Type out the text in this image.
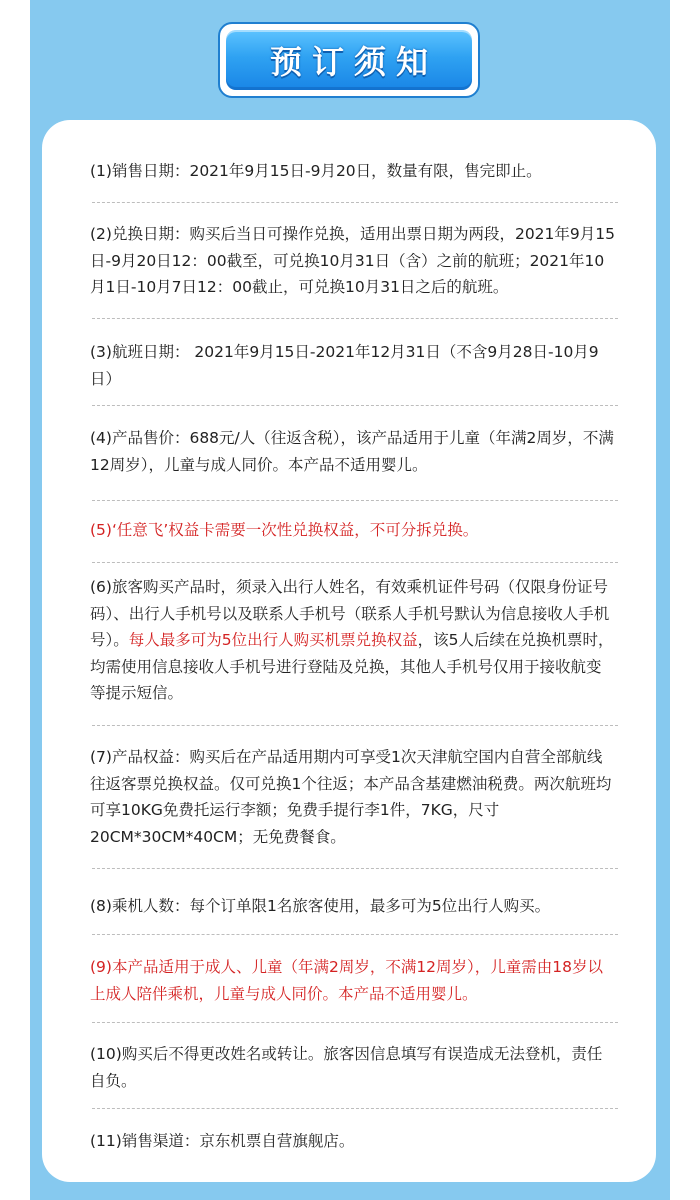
预订须知
(1)销售日期：2021年9月15日-9月20日，数量有限，售完即止。
(2)兑换日期：购买后当日可操作兑换，适用出票日期为两段，2021年9月15日-9月20日12：00截至，可兑换10月31日（含）之前的航班；2021年10月1日-10月7日12：00截止，可兑换10月31日之后的航班。
(3)航班日期： 2021年9月15日-2021年12月31日（不含9月28日-10月9日）
(4)产品售价：688元/人（往返含税），该产品适用于儿童（年满2周岁，不满12周岁），儿童与成人同价。本产品不适用婴儿。
(5)‘任意飞’权益卡需要一次性兑换权益，不可分拆兑换。
(6)旅客购买产品时，须录入出行人姓名，有效乘机证件号码（仅限身份证号码）、出行人手机号以及联系人手机号（联系人手机号默认为信息接收人手机号）。每人最多可为5位出行人购买机票兑换权益，该5人后续在兑换机票时，均需使用信息接收人手机号进行登陆及兑换，其他人手机号仅用于接收航变等提示短信。
(7)产品权益：购买后在产品适用期内可享受1次天津航空国内自营全部航线往返客票兑换权益。仅可兑换1个往返；本产品含基建燃油税费。两次航班均可享10KG免费托运行李额；免费手提行李1件，7KG，尺寸20CM*30CM*40CM；无免费餐食。
(8)乘机人数：每个订单限1名旅客使用，最多可为5位出行人购买。
(9)本产品适用于成人、儿童（年满2周岁，不满12周岁），儿童需由18岁以上成人陪伴乘机，儿童与成人同价。本产品不适用婴儿。
(10)购买后不得更改姓名或转让。旅客因信息填写有误造成无法登机，责任自负。
(11)销售渠道：京东机票自营旗舰店。
